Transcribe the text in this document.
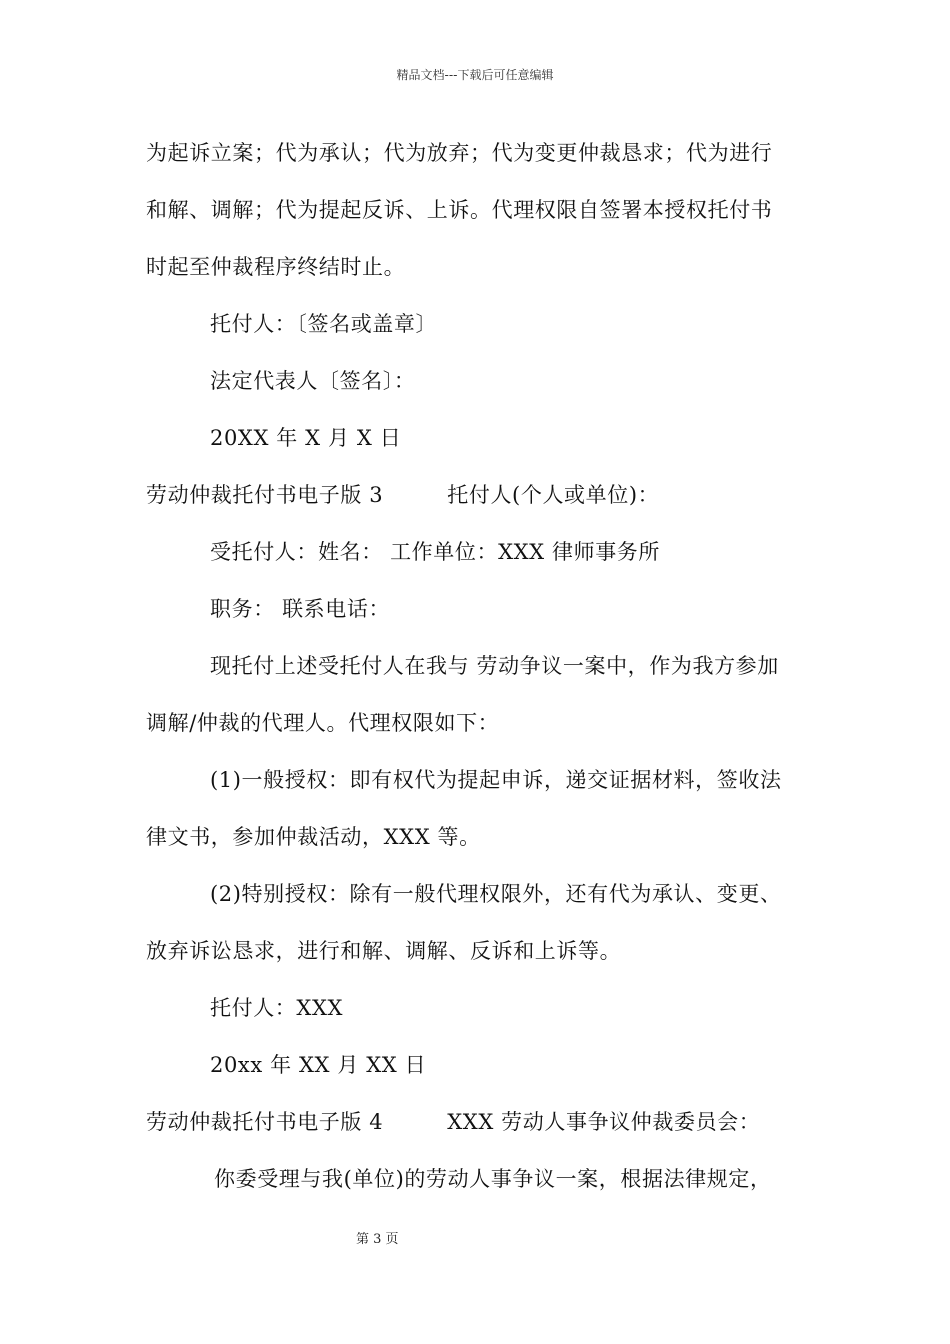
精品文档---下载后可任意编辑
为起诉立案；代为承认；代为放弃；代为变更仲裁恳求；代为进行
和解、调解；代为提起反诉、上诉。代理权限自签署本授权托付书
时起至仲裁程序终结时止。
托付人：〔签名或盖章〕
法定代表人〔签名〕：
20XX 年 X 月 X 日
劳动仲裁托付书电子版 3	托付人(个人或单位)：
受托付人：姓名： 工作单位：XXX 律师事务所
职务： 联系电话：
现托付上述受托付人在我与 劳动争议一案中，作为我方参加
调解/仲裁的代理人。代理权限如下：
(1)一般授权：即有权代为提起申诉，递交证据材料，签收法
律文书，参加仲裁活动，XXX 等。
(2)特别授权：除有一般代理权限外，还有代为承认、变更、
放弃诉讼恳求，进行和解、调解、反诉和上诉等。
托付人：XXX
20xx 年 XX 月 XX 日
劳动仲裁托付书电子版 4	XXX 劳动人事争议仲裁委员会：
你委受理与我(单位)的劳动人事争议一案，根据法律规定，
第 3 页
